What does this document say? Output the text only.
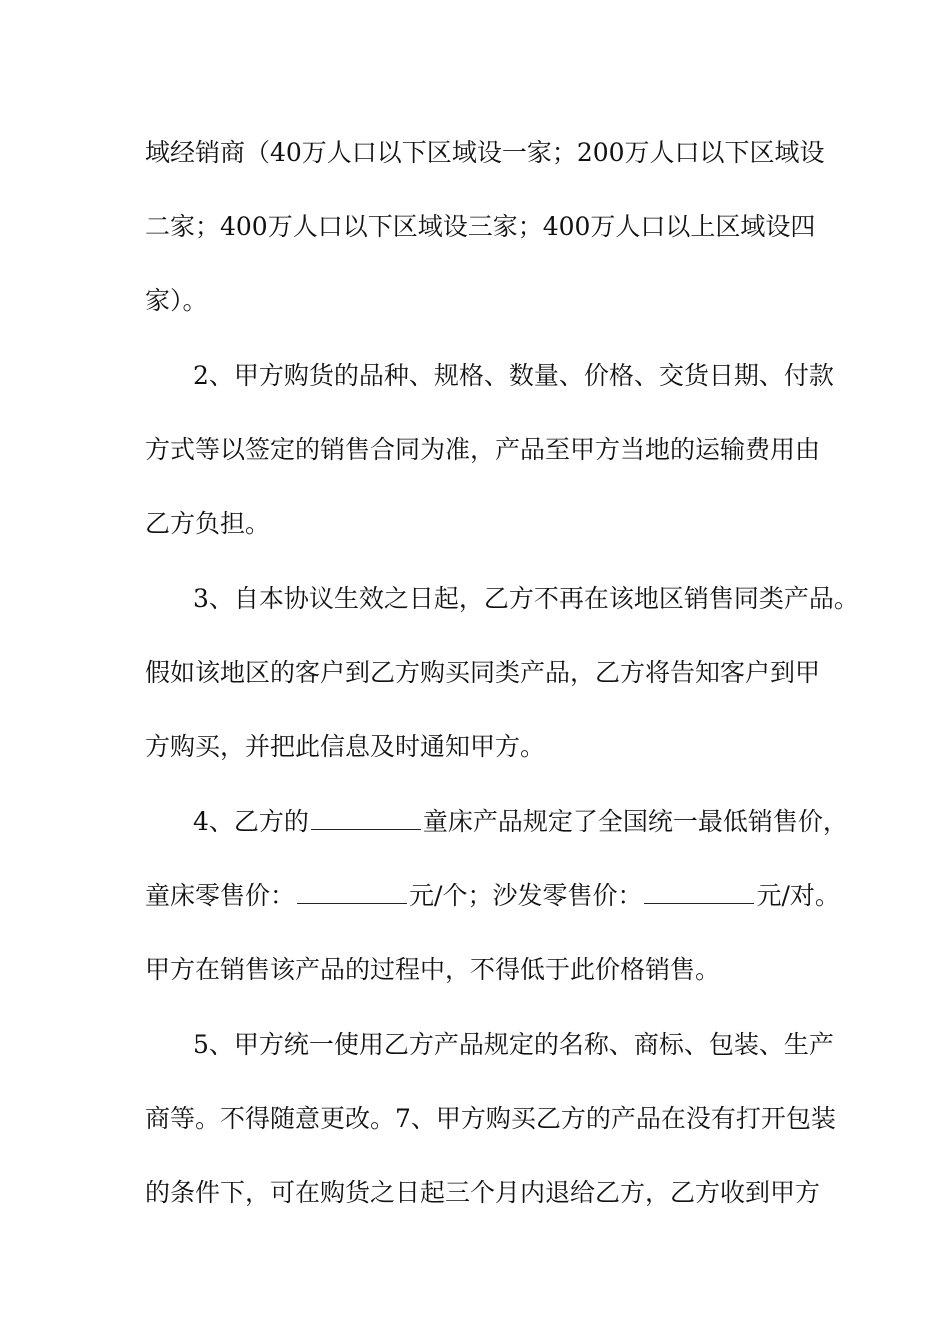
域经销商（40万人口以下区域设一家；200万人口以下区域设
二家；400万人口以下区域设三家；400万人口以上区域设四
家）。
2、甲方购货的品种、规格、数量、价格、交货日期、付款
方式等以签定的销售合同为准，产品至甲方当地的运输费用由
乙方负担。
3、自本协议生效之日起，乙方不再在该地区销售同类产品。
假如该地区的客户到乙方购买同类产品，乙方将告知客户到甲
方购买，并把此信息及时通知甲方。
4、乙方的	童床产品规定了全国统一最低销售价，
童床零售价：	元/个；沙发零售价：	元/对。
甲方在销售该产品的过程中，不得低于此价格销售。
5、甲方统一使用乙方产品规定的名称、商标、包装、生产
商等。不得随意更改。7、甲方购买乙方的产品在没有打开包装
的条件下，可在购货之日起三个月内退给乙方，乙方收到甲方
